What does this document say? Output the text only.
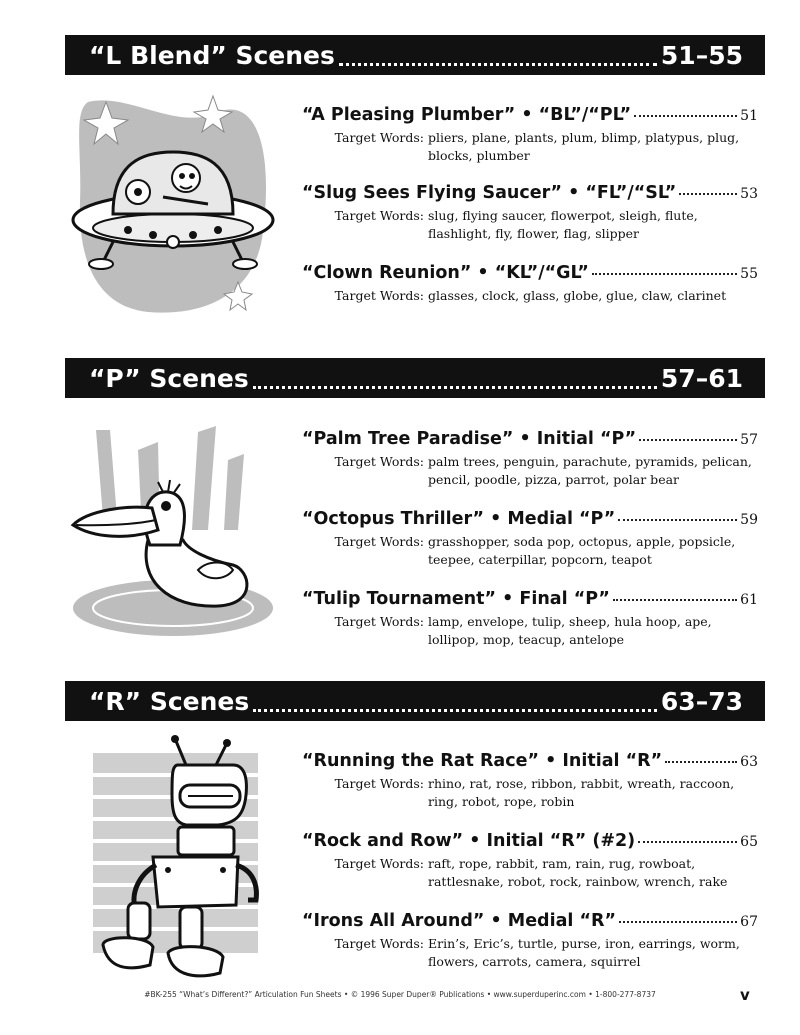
“L Blend” Scenes	51–55
“A Pleasing Plumber” • “BL”/“PL”	51
Target Words: pliers, plane, plants, plum, blimp, platypus, plug, blocks, plumber
“Slug Sees Flying Saucer” • “FL”/“SL”	53
Target Words: slug, flying saucer, flowerpot, sleigh, flute, flashlight, fly, flower, flag, slipper
“Clown Reunion” • “KL”/“GL”	55
Target Words: glasses, clock, glass, globe, glue, claw, clarinet
“P” Scenes	57–61
“Palm Tree Paradise” • Initial “P”	57
Target Words: palm trees, penguin, parachute, pyramids, pelican, pencil, poodle, pizza, parrot, polar bear
“Octopus Thriller” • Medial “P”	59
Target Words: grasshopper, soda pop, octopus, apple, popsicle, teepee, caterpillar, popcorn, teapot
“Tulip Tournament” • Final “P”	61
Target Words: lamp, envelope, tulip, sheep, hula hoop, ape, lollipop, mop, teacup, antelope
“R” Scenes	63–73
“Running the Rat Race” • Initial “R”	63
Target Words: rhino, rat, rose, ribbon, rabbit, wreath, raccoon, ring, robot, rope, robin
“Rock and Row” • Initial “R” (#2)	65
Target Words: raft, rope, rabbit, ram, rain, rug, rowboat, rattlesnake, robot, rock, rainbow, wrench, rake
“Irons All Around” • Medial “R”	67
Target Words: Erin’s, Eric’s, turtle, purse, iron, earrings, worm, flowers, carrots, camera, squirrel
#BK-255 “What’s Different?” Articulation Fun Sheets • © 1996 Super Duper® Publications • www.superduperinc.com • 1-800-277-8737	v
